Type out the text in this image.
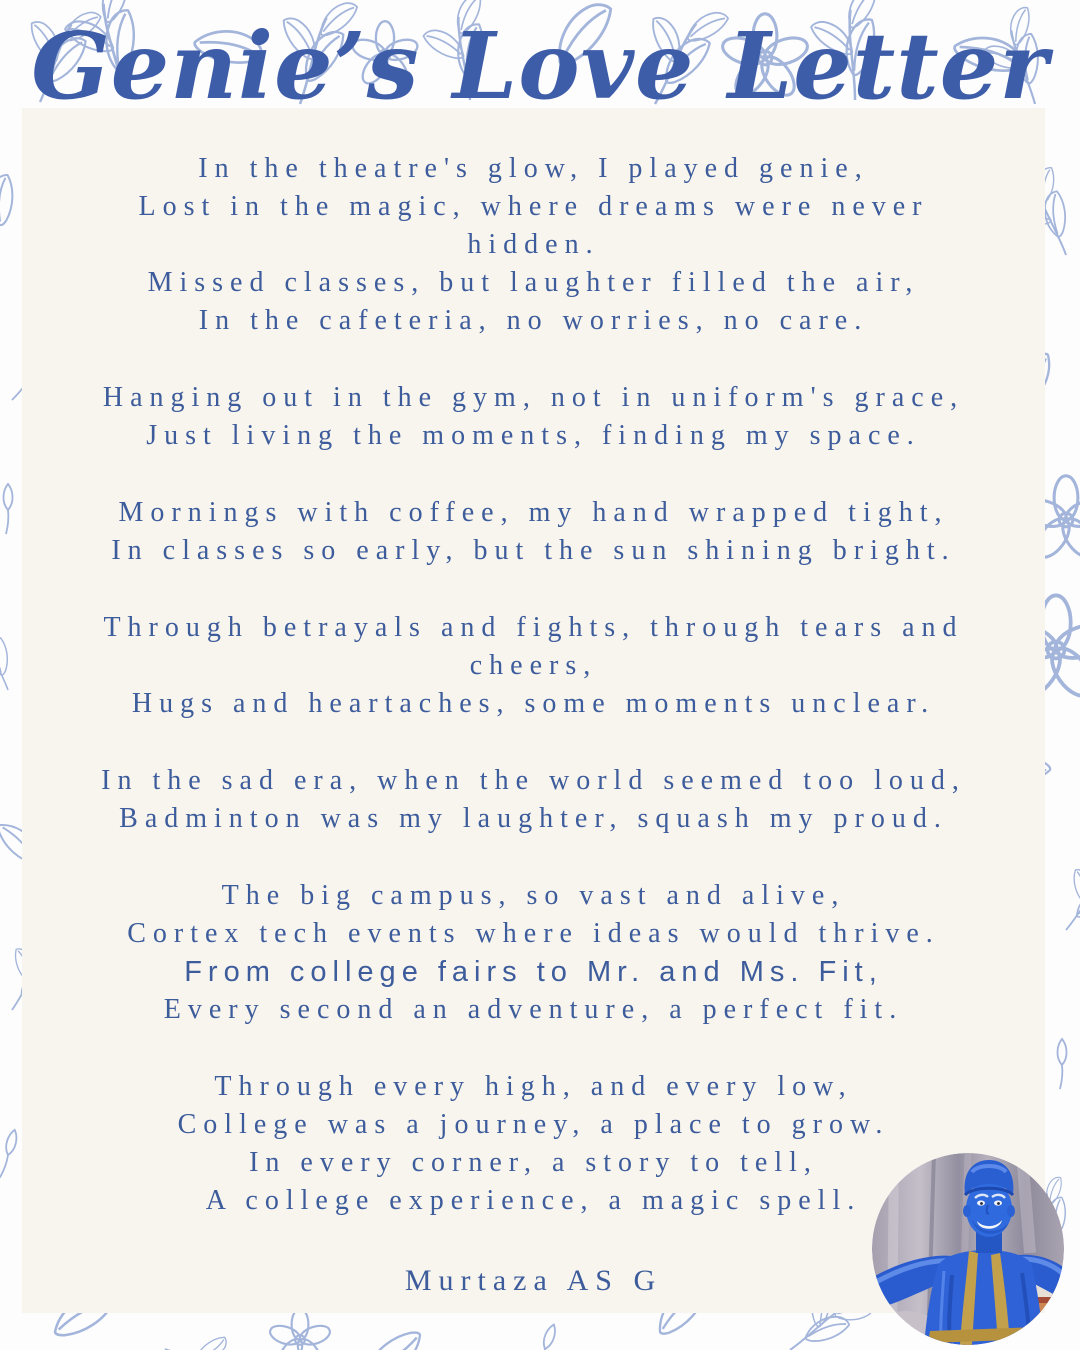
In the theatre's glow, I played genie,
Lost in the magic, where dreams were never
hidden.
Missed classes, but laughter filled the air,
In the cafeteria, no worries, no care.
Hanging out in the gym, not in uniform's grace,
Just living the moments, finding my space.
Mornings with coffee, my hand wrapped tight,
In classes so early, but the sun shining bright.
Through betrayals and fights, through tears and
cheers,
Hugs and heartaches, some moments unclear.
In the sad era, when the world seemed too loud,
Badminton was my laughter, squash my proud.
The big campus, so vast and alive,
Cortex tech events where ideas would thrive.
From college fairs to Mr. and Ms. Fit,
Every second an adventure, a perfect fit.
Through every high, and every low,
College was a journey, a place to grow.
In every corner, a story to tell,
A college experience, a magic spell.
Murtaza AS G
Genie’s Love Letter
